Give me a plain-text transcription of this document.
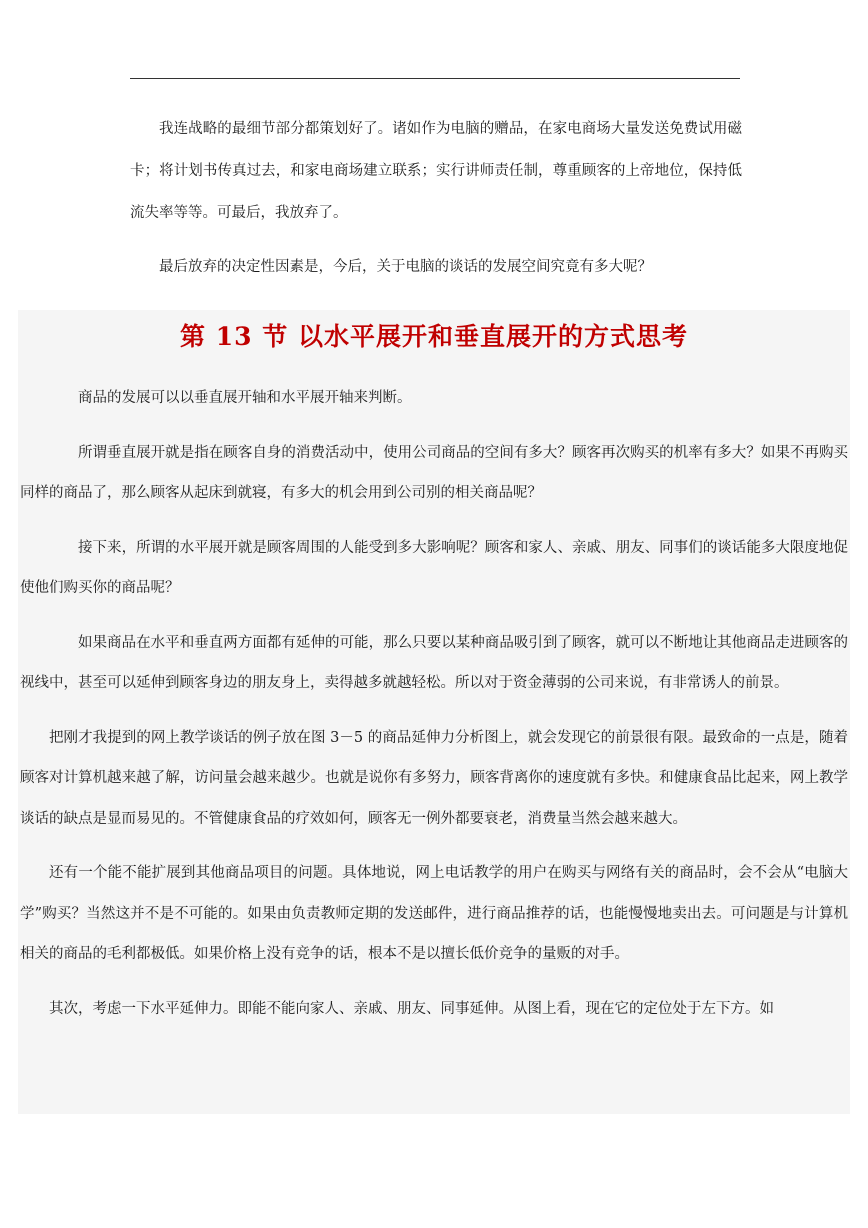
我连战略的最细节部分都策划好了。诸如作为电脑的赠品，在家电商场大量发送免费试用磁卡；将计划书传真过去，和家电商场建立联系；实行讲师责任制，尊重顾客的上帝地位，保持低流失率等等。可最后，我放弃了。

最后放弃的决定性因素是，今后，关于电脑的谈话的发展空间究竟有多大呢？

第 13 节 以水平展开和垂直展开的方式思考

商品的发展可以以垂直展开轴和水平展开轴来判断。

所谓垂直展开就是指在顾客自身的消费活动中，使用公司商品的空间有多大？顾客再次购买的机率有多大？如果不再购买同样的商品了，那么顾客从起床到就寝，有多大的机会用到公司别的相关商品呢？

接下来，所谓的水平展开就是顾客周围的人能受到多大影响呢？顾客和家人、亲戚、朋友、同事们的谈话能多大限度地促使他们购买你的商品呢？

如果商品在水平和垂直两方面都有延伸的可能，那么只要以某种商品吸引到了顾客，就可以不断地让其他商品走进顾客的视线中，甚至可以延伸到顾客身边的朋友身上，卖得越多就越轻松。所以对于资金薄弱的公司来说，有非常诱人的前景。

把刚才我提到的网上教学谈话的例子放在图 3－5 的商品延伸力分析图上，就会发现它的前景很有限。最致命的一点是，随着顾客对计算机越来越了解，访问量会越来越少。也就是说你有多努力，顾客背离你的速度就有多快。和健康食品比起来，网上教学谈话的缺点是显而易见的。不管健康食品的疗效如何，顾客无一例外都要衰老，消费量当然会越来越大。

还有一个能不能扩展到其他商品项目的问题。具体地说，网上电话教学的用户在购买与网络有关的商品时，会不会从“电脑大学”购买？当然这并不是不可能的。如果由负责教师定期的发送邮件，进行商品推荐的话，也能慢慢地卖出去。可问题是与计算机相关的商品的毛利都极低。如果价格上没有竞争的话，根本不是以擅长低价竞争的量贩的对手。

其次，考虑一下水平延伸力。即能不能向家人、亲戚、朋友、同事延伸。从图上看，现在它的定位处于左下方。如
